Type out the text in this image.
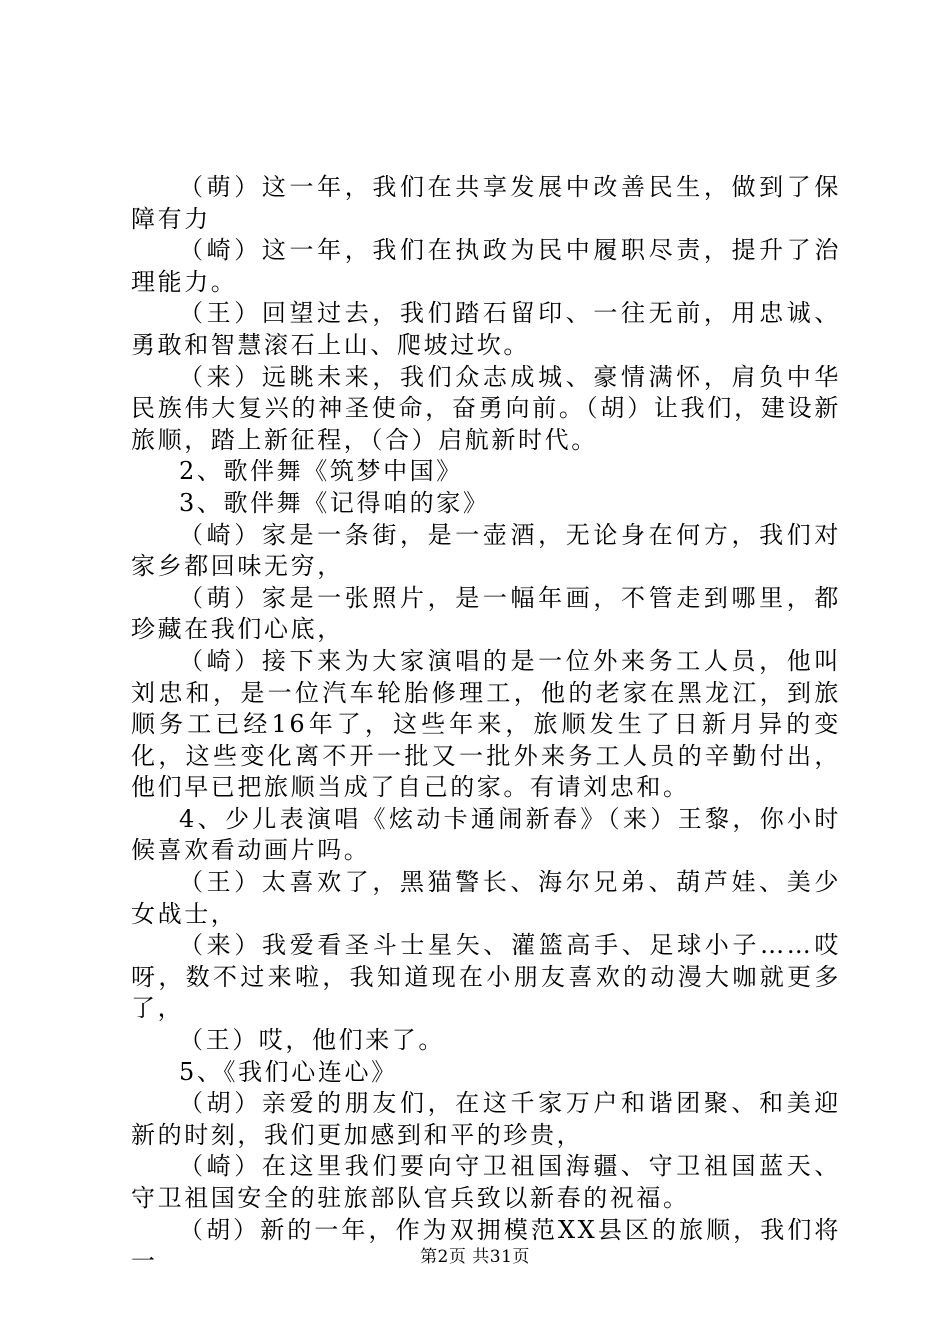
（萌）这一年，我们在共享发展中改善民生，做到了保障有力

（崎）这一年，我们在执政为民中履职尽责，提升了治理能力。

（王）回望过去，我们踏石留印、一往无前，用忠诚、勇敢和智慧滚石上山、爬坡过坎。

（来）远眺未来，我们众志成城、豪情满怀，肩负中华民族伟大复兴的神圣使命，奋勇向前。（胡）让我们，建设新旅顺，踏上新征程，（合）启航新时代。

2、歌伴舞《筑梦中国》

3、歌伴舞《记得咱的家》

（崎）家是一条街，是一壶酒，无论身在何方，我们对家乡都回味无穷，

（萌）家是一张照片，是一幅年画，不管走到哪里，都珍藏在我们心底，

（崎）接下来为大家演唱的是一位外来务工人员，他叫刘忠和，是一位汽车轮胎修理工，他的老家在黑龙江，到旅顺务工已经16年了，这些年来，旅顺发生了日新月异的变化，这些变化离不开一批又一批外来务工人员的辛勤付出，他们早已把旅顺当成了自己的家。有请刘忠和。

4、少儿表演唱《炫动卡通闹新春》（来）王黎，你小时候喜欢看动画片吗。

（王）太喜欢了，黑猫警长、海尔兄弟、葫芦娃、美少女战士，

（来）我爱看圣斗士星矢、灌篮高手、足球小子……哎呀，数不过来啦，我知道现在小朋友喜欢的动漫大咖就更多了，

（王）哎，他们来了。

5、《我们心连心》

（胡）亲爱的朋友们，在这千家万户和谐团聚、和美迎新的时刻，我们更加感到和平的珍贵，

（崎）在这里我们要向守卫祖国海疆、守卫祖国蓝天、守卫祖国安全的驻旅部队官兵致以新春的祝福。

（胡）新的一年，作为双拥模范XX县区的旅顺，我们将一	第2页 共31页
